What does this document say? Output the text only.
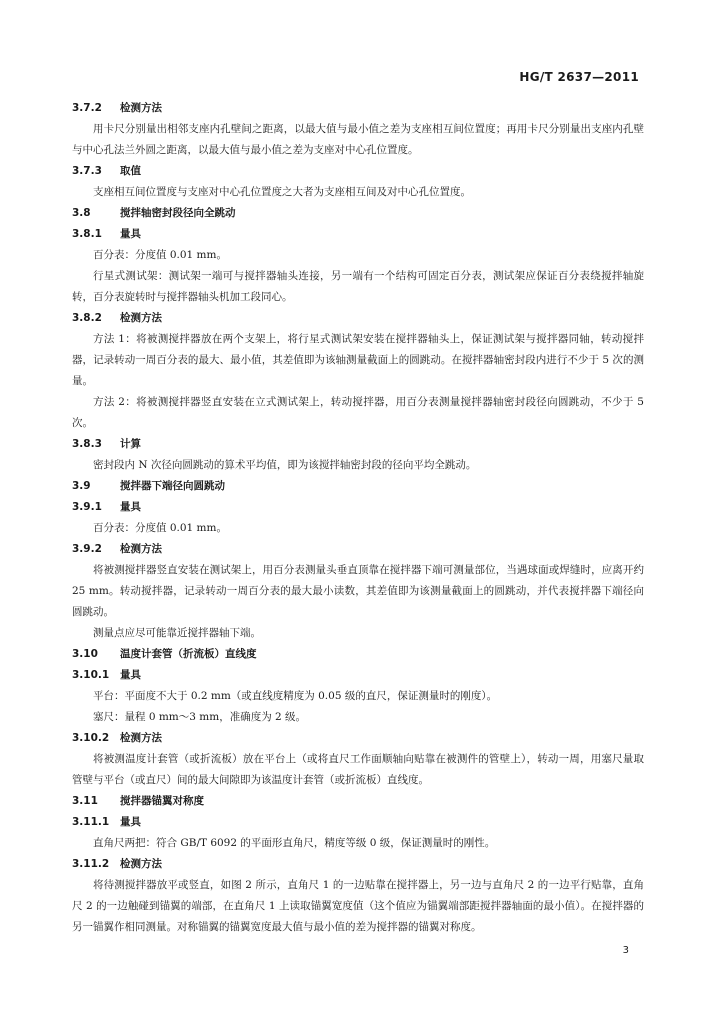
HG/T 2637—2011
3.7.2 检测方法

用卡尺分别量出相邻支座内孔壁间之距离，以最大值与最小值之差为支座相互间位置度；再用卡尺分别量出支座内孔壁与中心孔法兰外圆之距离，以最大值与最小值之差为支座对中心孔位置度。

3.7.3 取值

支座相互间位置度与支座对中心孔位置度之大者为支座相互间及对中心孔位置度。

3.8	搅拌轴密封段径向全跳动
3.8.1 量具

百分表：分度值 0.01 mm。

行星式测试架：测试架一端可与搅拌器轴头连接，另一端有一个结构可固定百分表，测试架应保证百分表绕搅拌轴旋转，百分表旋转时与搅拌器轴头机加工段同心。

3.8.2 检测方法

方法 1：将被测搅拌器放在两个支架上，将行星式测试架安装在搅拌器轴头上，保证测试架与搅拌器同轴，转动搅拌器，记录转动一周百分表的最大、最小值，其差值即为该轴测量截面上的圆跳动。在搅拌器轴密封段内进行不少于 5 次的测量。

方法 2：将被测搅拌器竖直安装在立式测试架上，转动搅拌器，用百分表测量搅拌器轴密封段径向圆跳动，不少于 5 次。

3.8.3 计算

密封段内 N 次径向圆跳动的算术平均值，即为该搅拌轴密封段的径向平均全跳动。

3.9	搅拌器下端径向圆跳动
3.9.1 量具

百分表：分度值 0.01 mm。

3.9.2 检测方法

将被测搅拌器竖直安装在测试架上，用百分表测量头垂直顶靠在搅拌器下端可测量部位，当遇球面或焊缝时，应离开约 25 mm。转动搅拌器，记录转动一周百分表的最大最小读数，其差值即为该测量截面上的圆跳动，并代表搅拌器下端径向圆跳动。

测量点应尽可能靠近搅拌器轴下端。

3.10 温度计套管（折流板）直线度
3.10.1 量具

平台：平面度不大于 0.2 mm（或直线度精度为 0.05 级的直尺，保证测量时的刚度）。

塞尺：量程 0 mm～3 mm，准确度为 2 级。

3.10.2 检测方法

将被测温度计套管（或折流板）放在平台上（或将直尺工作面顺轴向贴靠在被测件的管壁上），转动一周，用塞尺量取管壁与平台（或直尺）间的最大间隙即为该温度计套管（或折流板）直线度。

3.11 搅拌器锚翼对称度
3.11.1 量具

直角尺两把：符合 GB/T 6092 的平面形直角尺，精度等级 0 级，保证测量时的刚性。

3.11.2 检测方法

将待测搅拌器放平或竖直，如图 2 所示，直角尺 1 的一边贴靠在搅拌器上，另一边与直角尺 2 的一边平行贴靠，直角尺 2 的一边触碰到锚翼的端部，在直角尺 1 上读取锚翼宽度值（这个值应为锚翼端部距搅拌器轴面的最小值）。在搅拌器的另一锚翼作相同测量。对称锚翼的锚翼宽度最大值与最小值的差为搅拌器的锚翼对称度。

3
